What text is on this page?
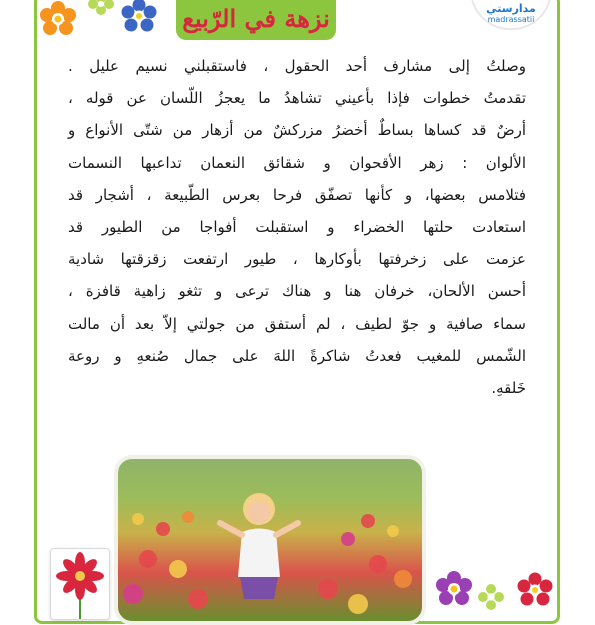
نزهة في الرّبيع	مدارستي
madrassatii
وصلتُ إلى مشارف أحد الحقول ، فاستقبلني نسيم عليل .
تقدمتُ خطوات فإذا بأعيني تشاهدُ ما يعجزُ اللّسان عن قوله ،
أرضٌ قد كساها بساطٌ أخضرُ مزركشٌ من أزهار من شتّى الأنواع و
الألوان : زهر الأقحوان و شقائق النعمان تداعبها النسمات
فتلامس بعضها، و كأنها تصفّق فرحا بعرس الطّبيعة ، أشجار قد
استعادت حلتها الخضراء و استقبلت أفواجا من الطيور قد
عزمت على زخرفتها بأوكارها ، طيور ارتفعت زقزقتها شادية
أحسن الألحان، خرفان هنا و هناك ترعى و تثغو زاهية قافزة ،
سماء صافية و جوّ لطيف ، لم أستفق من جولتي إلاّ بعد أن مالت
الشّمس للمغيب فعدتُ شاكرةً اللهَ على جمال صُنعهِ و روعة
خَلقهِ.
